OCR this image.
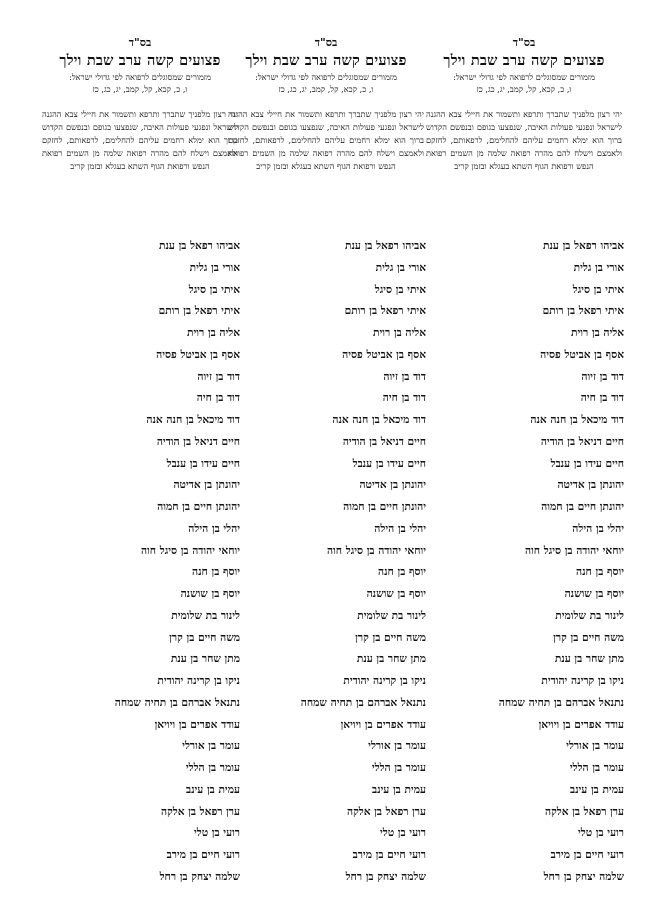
בס"ד
פצועים קשה ערב שבת וילך
מזמורים שמסוגלים לרפואה לפי גדולי ישראל:
ו, כ, קכא, קל, קמב, יג, כג, כז
יהי רצון מלפניך שתברך ותרפא ותשמור את חיילי צבא ההגנה לישראל ונפגעי פעולות האיבה, שנפצעו בגופם ובנפשם הקדוש ברוך הוא ימלא רחמים עליהם להחלימם, לרפאותם, לחזקם ולאמצם וישלח להם מהרה רפואה שלמה מן השמים רפואת הנפש ורפואת הגוף השתא בעגלא ובזמן קריב
אביהו רפאל בן ענת
אורי בן גלית
איתי בן סיגל
איתי רפאל בן רותם
אליה בן רוית
אסף בן אביטל פסיה
דוד בן זיוה
דוד בן חיה
דוד מיכאל בן חנה אנה
חיים דניאל בן הודיה
חיים עידו בן ענבל
יהונתן בן אדיטה
יהונתן חיים בן חמוה
יהלי בן הילה
יוחאי יהודה בן סיגל חוה
יוסף בן חנה
יוסף בן שושנה
לינור בת שלומית
משה חיים בן קרן
מתן שחר בן ענת
ניקו בן קרינה יהודית
נתנאל אברהם בן תחיה שמחה
עודד אפרים בן ויויאן
עומר בן אורלי
עומר בן הללי
עמית בן עינב
ערן רפאל בן אלקה
רועי בן טלי
רועי חיים בן מירב
שלמה יצחק בן רחל
בס"ד
פצועים קשה ערב שבת וילך
מזמורים שמסוגלים לרפואה לפי גדולי ישראל:
ו, כ, קכא, קל, קמב, יג, כג, כז
יהי רצון מלפניך שתברך ותרפא ותשמור את חיילי צבא ההגנה לישראל ונפגעי פעולות האיבה, שנפצעו בגופם ובנפשם הקדוש ברוך הוא ימלא רחמים עליהם להחלימם, לרפאותם, לחזקם ולאמצם וישלח להם מהרה רפואה שלמה מן השמים רפואת הנפש ורפואת הגוף השתא בעגלא ובזמן קריב
אביהו רפאל בן ענת
אורי בן גלית
איתי בן סיגל
איתי רפאל בן רותם
אליה בן רוית
אסף בן אביטל פסיה
דוד בן זיוה
דוד בן חיה
דוד מיכאל בן חנה אנה
חיים דניאל בן הודיה
חיים עידו בן ענבל
יהונתן בן אדיטה
יהונתן חיים בן חמוה
יהלי בן הילה
יוחאי יהודה בן סיגל חוה
יוסף בן חנה
יוסף בן שושנה
לינור בת שלומית
משה חיים בן קרן
מתן שחר בן ענת
ניקו בן קרינה יהודית
נתנאל אברהם בן תחיה שמחה
עודד אפרים בן ויויאן
עומר בן אורלי
עומר בן הללי
עמית בן עינב
ערן רפאל בן אלקה
רועי בן טלי
רועי חיים בן מירב
שלמה יצחק בן רחל
בס"ד
פצועים קשה ערב שבת וילך
מזמורים שמסוגלים לרפואה לפי גדולי ישראל:
ו, כ, קכא, קל, קמב, יג, כג, כז
יהי רצון מלפניך שתברך ותרפא ותשמור את חיילי צבא ההגנה לישראל ונפגעי פעולות האיבה, שנפצעו בגופם ובנפשם הקדוש ברוך הוא ימלא רחמים עליהם להחלימם, לרפאותם, לחזקם ולאמצם וישלח להם מהרה רפואה שלמה מן השמים רפואת הנפש ורפואת הגוף השתא בעגלא ובזמן קריב
אביהו רפאל בן ענת
אורי בן גלית
איתי בן סיגל
איתי רפאל בן רותם
אליה בן רוית
אסף בן אביטל פסיה
דוד בן זיוה
דוד בן חיה
דוד מיכאל בן חנה אנה
חיים דניאל בן הודיה
חיים עידו בן ענבל
יהונתן בן אדיטה
יהונתן חיים בן חמוה
יהלי בן הילה
יוחאי יהודה בן סיגל חוה
יוסף בן חנה
יוסף בן שושנה
לינור בת שלומית
משה חיים בן קרן
מתן שחר בן ענת
ניקו בן קרינה יהודית
נתנאל אברהם בן תחיה שמחה
עודד אפרים בן ויויאן
עומר בן אורלי
עומר בן הללי
עמית בן עינב
ערן רפאל בן אלקה
רועי בן טלי
רועי חיים בן מירב
שלמה יצחק בן רחל
